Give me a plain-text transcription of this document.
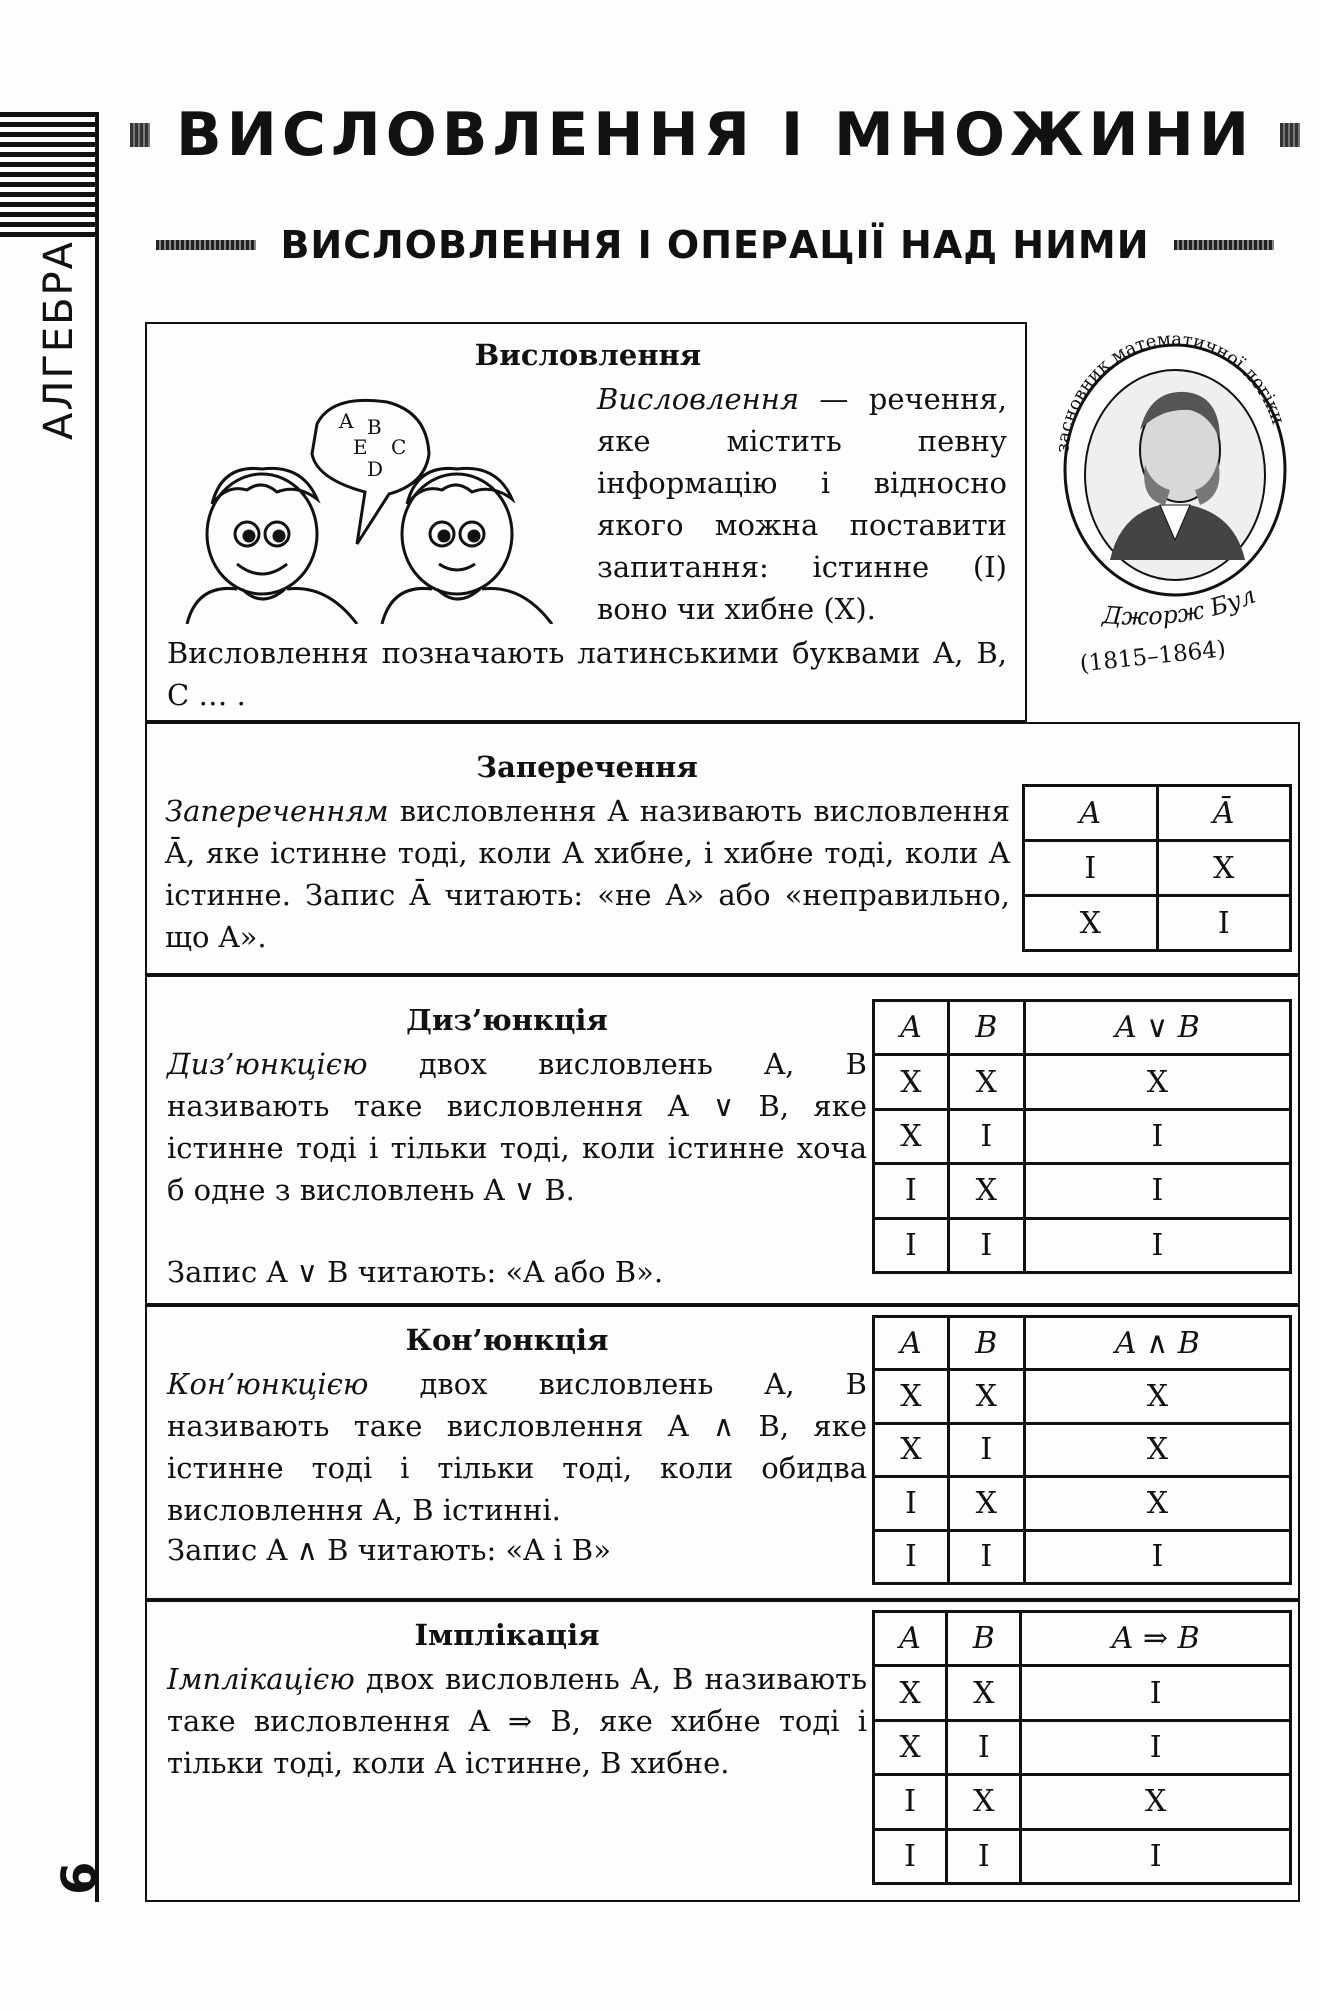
АЛГЕБРА
6
ВИСЛОВЛЕННЯ І МНОЖИНИ
ВИСЛОВЛЕННЯ І ОПЕРАЦІЇ НАД НИМИ

Висловлення

A B
E C
D

Висловлення — речення, яке містить певну інформацію і відносно якого можна поставити запитання: істинне (І) воно чи хибне (Х).

Висловлення позначають латинськими буквами A, B, C … .

засновник математичної логіки
Джорж Бул
(1815–1864)

Заперечення

Запереченням висловлення A називають висловлення Ā, яке істинне тоді, коли A хибне, і хибне тоді, коли A істинне. Запис Ā читають: «не A» або «неправильно, що A».

A	Ā
І	Х
Х	І

Диз’юнкція

Диз’юнкцією двох висловлень A, B називають таке висловлення A ∨ B, яке істинне тоді і тільки тоді, коли істинне хоча б одне з висловлень A ∨ B.

Запис A ∨ B читають: «A або B».

A	B	A ∨ B
Х	Х	Х
Х	І	І
І	Х	І
І	І	І

Кон’юнкція

Кон’юнкцією двох висловлень A, B називають таке висловлення A ∧ B, яке істинне тоді і тільки тоді, коли обидва висловлення A, B істинні.

Запис A ∧ B читають: «A і B»

A	B	A ∧ B
Х	Х	Х
Х	І	Х
І	Х	Х
І	І	І

Імплікація

Імплікацією двох висловлень A, B називають таке висловлення A ⇒ B, яке хибне тоді і тільки тоді, коли A істинне, B хибне.

A	B	A ⇒ B
Х	Х	І
Х	І	І
І	Х	Х
І	І	І
